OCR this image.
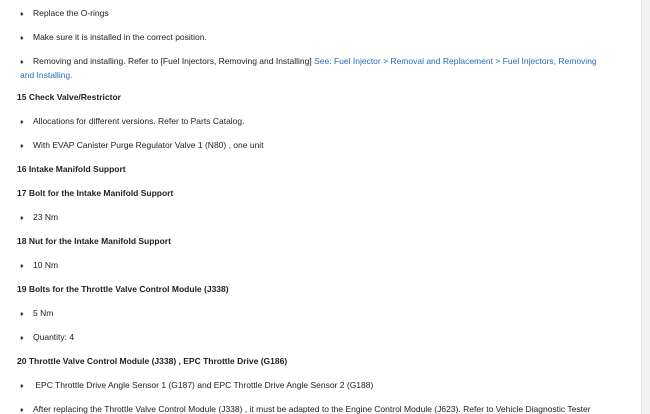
♦ Replace the O-rings
♦ Make sure it is installed in the correct position.
♦ Removing and installing. Refer to [Fuel Injectors, Removing and Installing] See: Fuel Injector > Removal and Replacement > Fuel Injectors, Removing and Installing.
15 Check Valve/Restrictor
♦ Allocations for different versions. Refer to Parts Catalog.
♦ With EVAP Canister Purge Regulator Valve 1 (N80) , one unit
16 Intake Manifold Support
17 Bolt for the Intake Manifold Support
♦ 23 Nm
18 Nut for the Intake Manifold Support
♦ 10 Nm
19 Bolts for the Throttle Valve Control Module (J338)
♦ 5 Nm
♦ Quantity: 4
20 Throttle Valve Control Module (J338) , EPC Throttle Drive (G186)
♦ EPC Throttle Drive Angle Sensor 1 (G187) and EPC Throttle Drive Angle Sensor 2 (G188)
♦ After replacing the Throttle Valve Control Module (J338) , it must be adapted to the Engine Control Module (J623). Refer to Vehicle Diagnostic Tester
